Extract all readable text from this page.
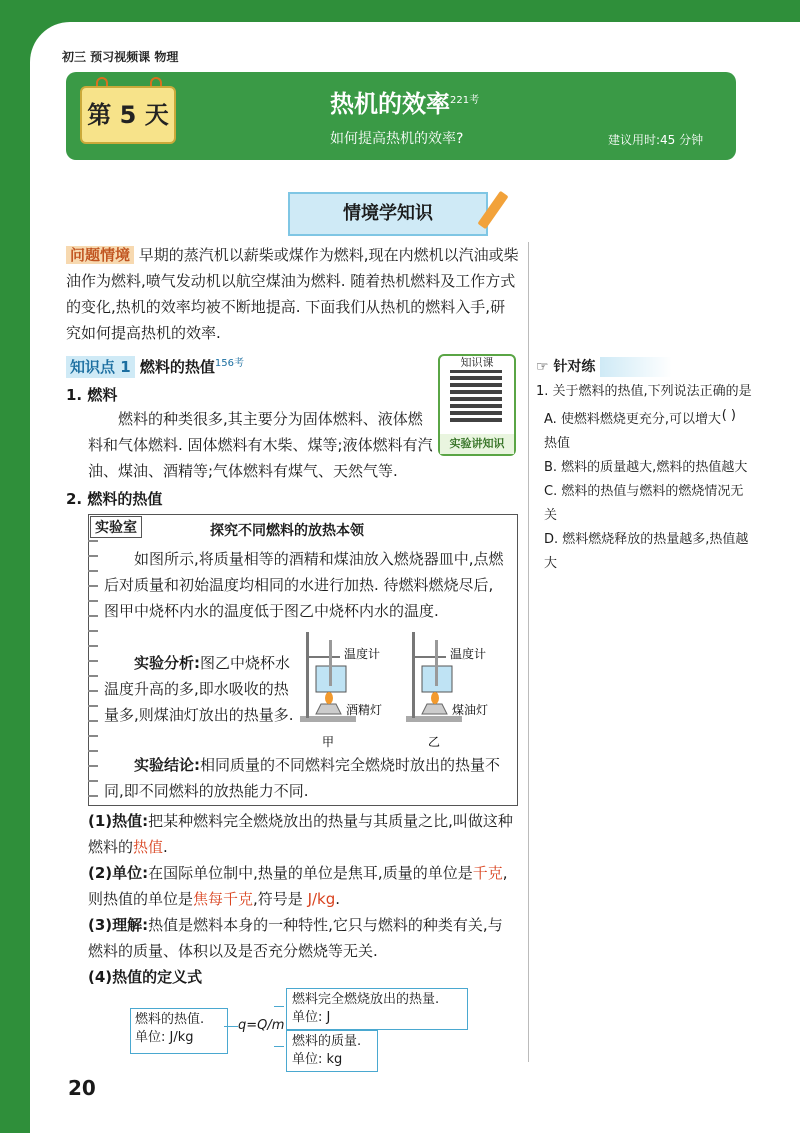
初三 预习视频课 物理
第 5 天	热机的效率$^{221考}$
如何提高热机的效率?	建议用时:45 分钟
情境学知识
问题情境 早期的蒸汽机以薪柴或煤作为燃料,现在内燃机以汽油或柴油作为燃料,喷气发动机以航空煤油为燃料. 随着热机燃料及工作方式的变化,热机的效率均被不断地提高. 下面我们从热机的燃料入手,研究如何提高热机的效率.
知识点 1 燃料的热值$^{156考}$	知识课
实验讲知识
1. 燃料
燃料的种类很多,其主要分为固体燃料、液体燃料和气体燃料. 固体燃料有木柴、煤等;液体燃料有汽油、煤油、酒精等;气体燃料有煤气、天然气等.
2. 燃料的热值
实验室	探究不同燃料的放热本领
如图所示,将质量相等的酒精和煤油放入燃烧器皿中,点燃后对质量和初始温度均相同的水进行加热. 待燃料燃烧尽后,图甲中烧杯内水的温度低于图乙中烧杯内水的温度.
实验分析:图乙中烧杯水温度升高的多,即水吸收的热量多,则煤油灯放出的热量多.
温度计
酒精灯
甲
温度计
煤油灯
乙
实验结论:相同质量的不同燃料完全燃烧时放出的热量不同,即不同燃料的放热能力不同.
(1)热值:把某种燃料完全燃烧放出的热量与其质量之比,叫做这种燃料的热值.
(2)单位:在国际单位制中,热量的单位是焦耳,质量的单位是千克,则热值的单位是焦每千克,符号是 J/kg.
(3)理解:热值是燃料本身的一种特性,它只与燃料的种类有关,与燃料的质量、体积以及是否充分燃烧等无关.
(4)热值的定义式
燃料的热值.
单位: J/kg
q=Q/m
燃料完全燃烧放出的热量.
单位: J
燃料的质量.
单位: kg
☞ 针对练
1. 关于燃料的热值,下列说法正确的是
( )
A. 使燃料燃烧更充分,可以增大热值
B. 燃料的质量越大,燃料的热值越大
C. 燃料的热值与燃料的燃烧情况无关
D. 燃料燃烧释放的热量越多,热值越大
20
